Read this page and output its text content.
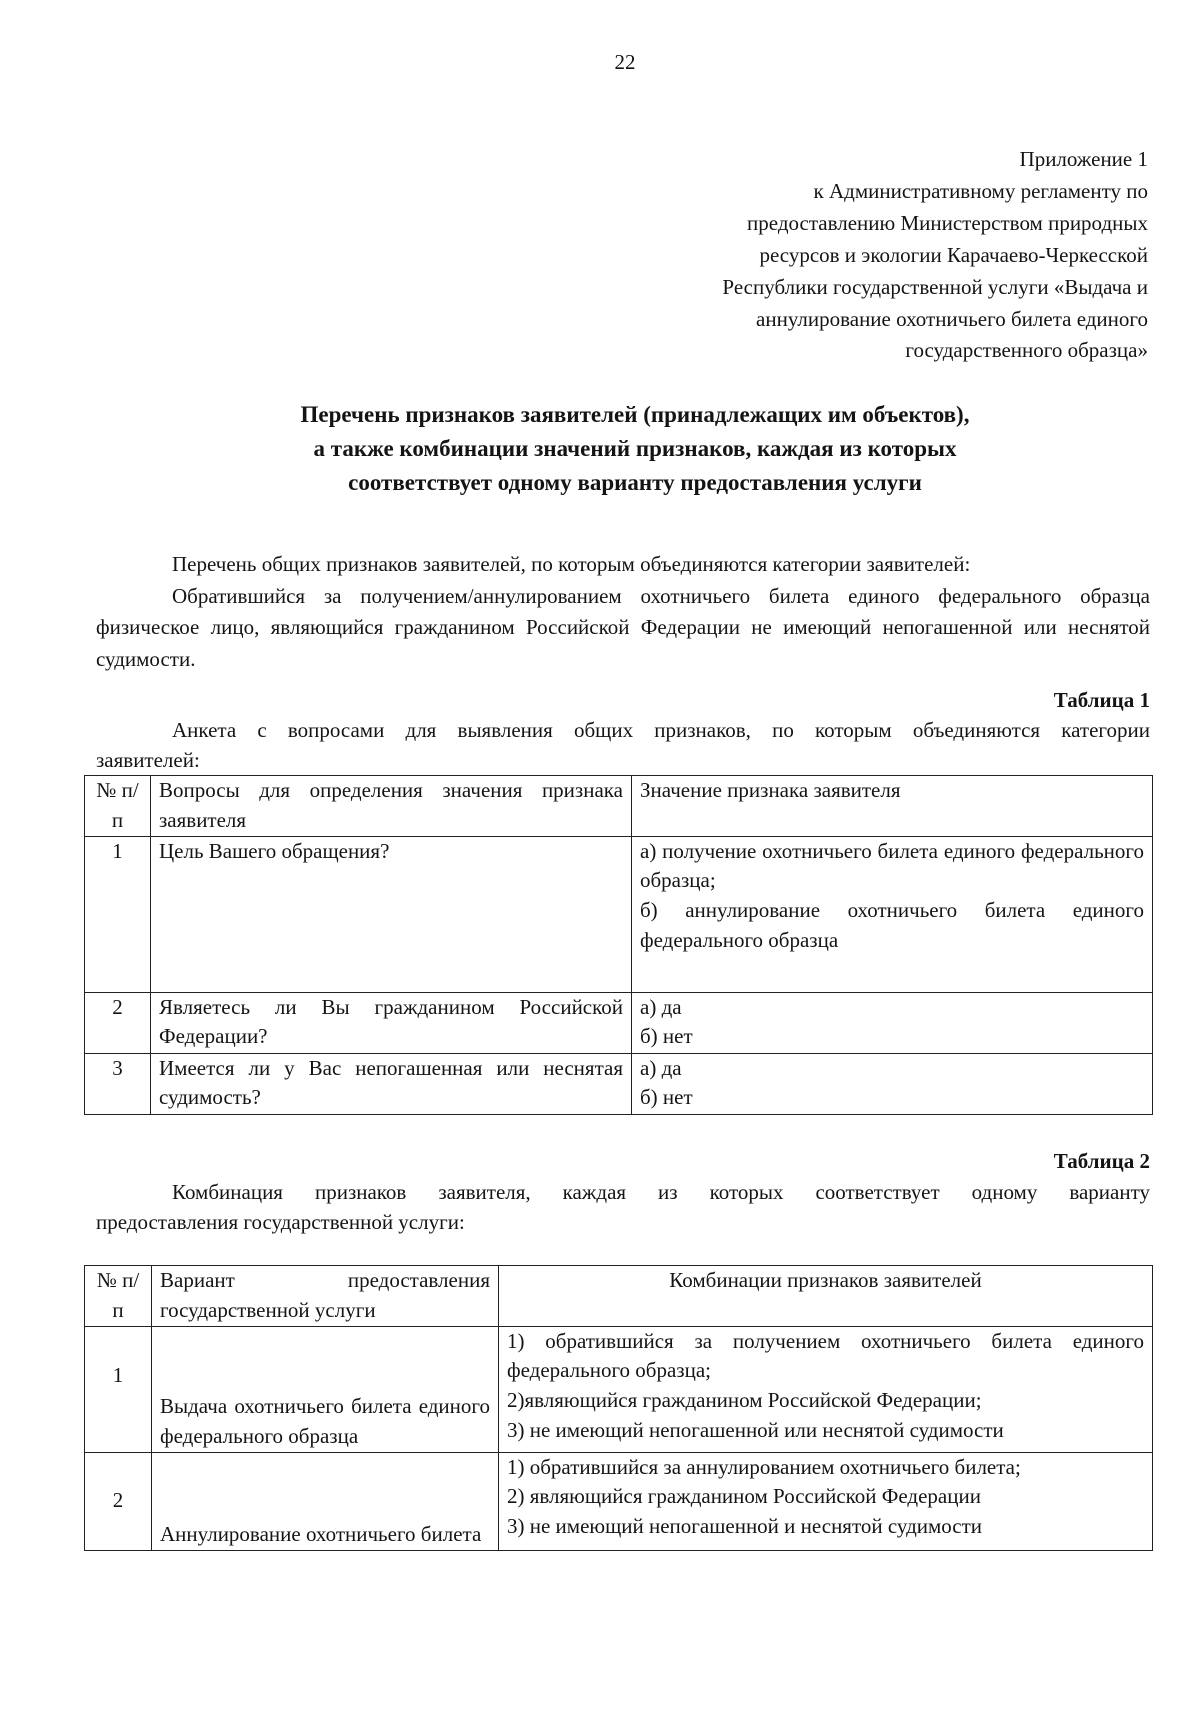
22
Приложение 1
к Административному регламенту по
предоставлению Министерством природных
ресурсов и экологии Карачаево-Черкесской
Республики государственной услуги «Выдача и
аннулирование охотничьего билета единого
государственного образца»
Перечень признаков заявителей (принадлежащих им объектов),
а также комбинации значений признаков, каждая из которых
соответствует одному варианту предоставления услуги
Перечень общих признаков заявителей, по которым объединяются категории заявителей:
Обратившийся за получением/аннулированием охотничьего билета единого федерального образца физическое лицо, являющийся гражданином Российской Федерации не имеющий непогашенной или неснятой судимости.
Таблица 1
Анкета с вопросами для выявления общих признаков, по которым объединяются категории
заявителей:
№ п/п	Вопросы для определения значения признака заявителя	Значение признака заявителя
1	Цель Вашего обращения?	а) получение охотничьего билета единого федерального образца;
б) аннулирование охотничьего билета единого федерального образца

2	Являетесь ли Вы гражданином Российской Федерации?	а) да
б) нет

3	Имеется ли у Вас непогашенная или неснятая судимость?	а) да
б) нет
Таблица 2
Комбинация признаков заявителя, каждая из которых соответствует одному варианту
предоставления государственной услуги:
№ п/п	Вариант предоставления государственной услуги	Комбинации признаков заявителей
1	Выдача охотничьего билета единого федерального образца	1) обратившийся за получением охотничьего билета единого федерального образца;
2)являющийся гражданином Российской Федерации;
3) не имеющий непогашенной или неснятой судимости

2	Аннулирование охотничьего билета	1) обратившийся за аннулированием охотничьего билета;
2) являющийся гражданином Российской Федерации
3) не имеющий непогашенной и неснятой судимости
